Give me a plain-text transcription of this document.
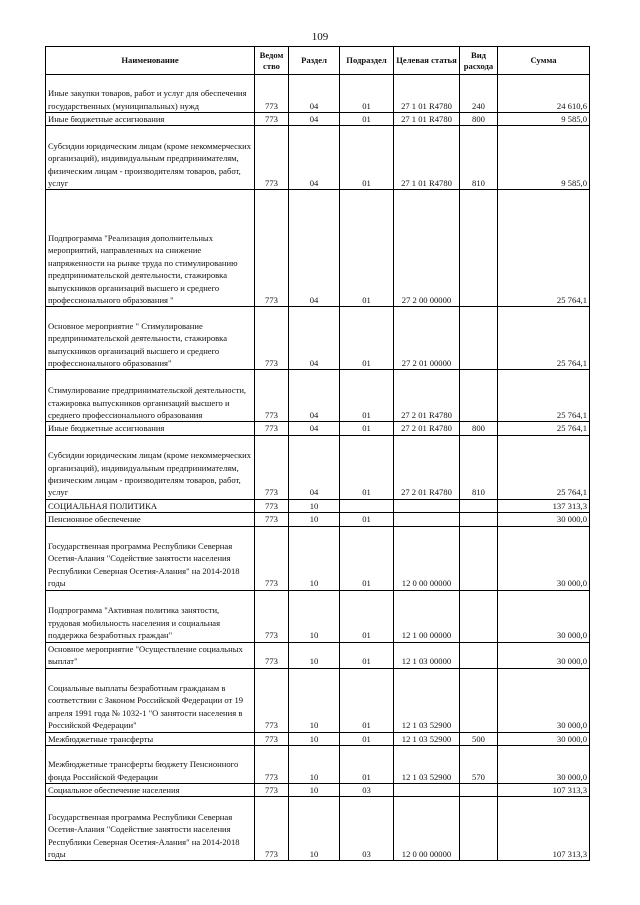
109
Наименование	Ведом ство	Раздел	Подраздел	Целевая статья	Вид расхода	Сумма
Иные закупки товаров, работ и услуг для обеспечения государственных (муниципальных) нужд	773	04	01	27 1 01 R4780	240	24 610,6
Иные бюджетные ассигнования	773	04	01	27 1 01 R4780	800	9 585,0
Субсидии юридическим лицам (кроме некоммерческих организаций), индивидуальным предпринимателям, физическим лицам - производителям товаров, работ, услуг	773	04	01	27 1 01 R4780	810	9 585,0
Подпрограмма "Реализация дополнительных мероприятий, направленных на снижение напряженности на рынке труда по стимулированию предпринимательской деятельности, стажировка выпускников организаций высшего и среднего профессионального образования "	773	04	01	27 2 00 00000		25 764,1
Основное мероприятие " Стимулирование предпринимательской деятельности, стажировка выпускников организаций высшего и среднего профессионального образования"	773	04	01	27 2 01 00000		25 764,1
Стимулирование предпринимательской деятельности, стажировка выпускников организаций высшего и среднего профессионального образования	773	04	01	27 2 01 R4780		25 764,1
Иные бюджетные ассигнования	773	04	01	27 2 01 R4780	800	25 764,1
Субсидии юридическим лицам (кроме некоммерческих организаций), индивидуальным предпринимателям, физическим лицам - производителям товаров, работ, услуг	773	04	01	27 2 01 R4780	810	25 764,1
СОЦИАЛЬНАЯ ПОЛИТИКА	773	10				137 313,3
Пенсионное обеспечение	773	10	01			30 000,0
Государственная программа Республики Северная Осетия-Алания "Содействие занятости населения Республики Северная Осетия-Алания" на 2014-2018 годы	773	10	01	12 0 00 00000		30 000,0
Подпрограмма "Активная политика занятости, трудовая мобильность населения и социальная поддержка безработных граждан"	773	10	01	12 1 00 00000		30 000,0
Основное мероприятие "Осуществление социальных выплат"	773	10	01	12 1 03 00000		30 000,0
Социальные выплаты безработным гражданам в соответствии с Законом Российской Федерации от 19 апреля 1991 года № 1032-1 "О занятости населения в Российской Федерации"	773	10	01	12 1 03 52900		30 000,0
Межбюджетные трансферты	773	10	01	12 1 03 52900	500	30 000,0
Межбюджетные трансферты бюджету Пенсионного фонда Российской Федерации	773	10	01	12 1 03 52900	570	30 000,0
Социальное обеспечение населения	773	10	03			107 313,3
Государственная программа Республики Северная Осетия-Алания "Содействие занятости населения Республики Северная Осетия-Алания" на 2014-2018 годы	773	10	03	12 0 00 00000		107 313,3
